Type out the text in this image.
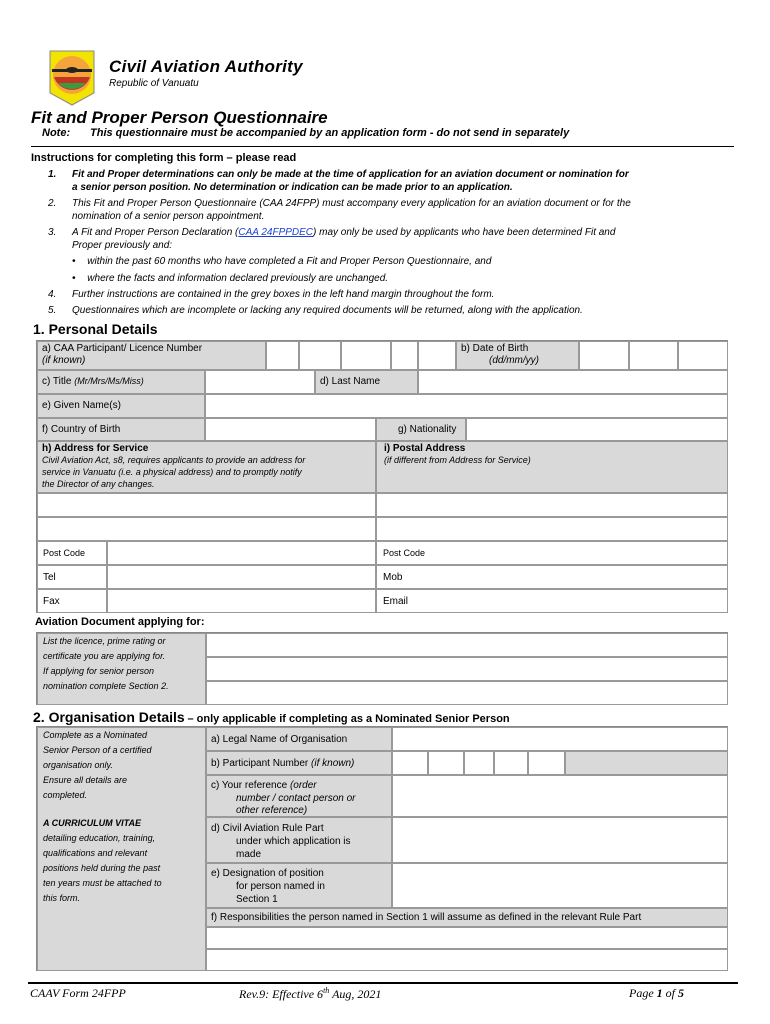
Civil Aviation Authority
Republic of Vanuatu
Fit and Proper Person Questionnaire
Note: This questionnaire must be accompanied by an application form - do not send in separately
Instructions for completing this form – please read
1. Fit and Proper determinations can only be made at the time of application for an aviation document or nomination for
a senior person position. No determination or indication can be made prior to an application.
2. This Fit and Proper Person Questionnaire (CAA 24FPP) must accompany every application for an aviation document or for the
nomination of a senior person appointment.
3. A Fit and Proper Person Declaration (CAA 24FPPDEC) may only be used by applicants who have been determined Fit and
Proper previously and:
• within the past 60 months who have completed a Fit and Proper Person Questionnaire, and
• where the facts and information declared previously are unchanged.
4. Further instructions are contained in the grey boxes in the left hand margin throughout the form.
5. Questionnaires which are incomplete or lacking any required documents will be returned, along with the application.
1. Personal Details
a) CAA Participant/ Licence Number
(if known)
b) Date of Birth
(dd/mm/yy)
c) Title (Mr/Mrs/Ms/Miss)	d) Last Name
e) Given Name(s)
f) Country of Birth	g) Nationality
h) Address for Service
Civil Aviation Act, s8, requires applicants to provide an address for
service in Vanuatu (i.e. a physical address) and to promptly notify
the Director of any changes.
i) Postal Address
(if different from Address for Service)
Post Code	Post Code
Tel	Mob
Fax	Email
Aviation Document applying for:
List the licence, prime rating or
certificate you are applying for.
If applying for senior person
nomination complete Section 2.
2. Organisation Details – only applicable if completing as a Nominated Senior Person
Complete as a Nominated
Senior Person of a certified
organisation only.
Ensure all details are
completed.
A CURRICULUM VITAE
detailing education, training,
qualifications and relevant
positions held during the past
ten years must be attached to
this form.
a) Legal Name of Organisation
b) Participant Number (if known)
c) Your reference (order
number / contact person or
other reference)
d) Civil Aviation Rule Part
under which application is
made
e) Designation of position
for person named in
Section 1
f) Responsibilities the person named in Section 1 will assume as defined in the relevant Rule Part
CAAV Form 24FPP	Rev.9: Effective 6th Aug, 2021	Page 1 of 5
